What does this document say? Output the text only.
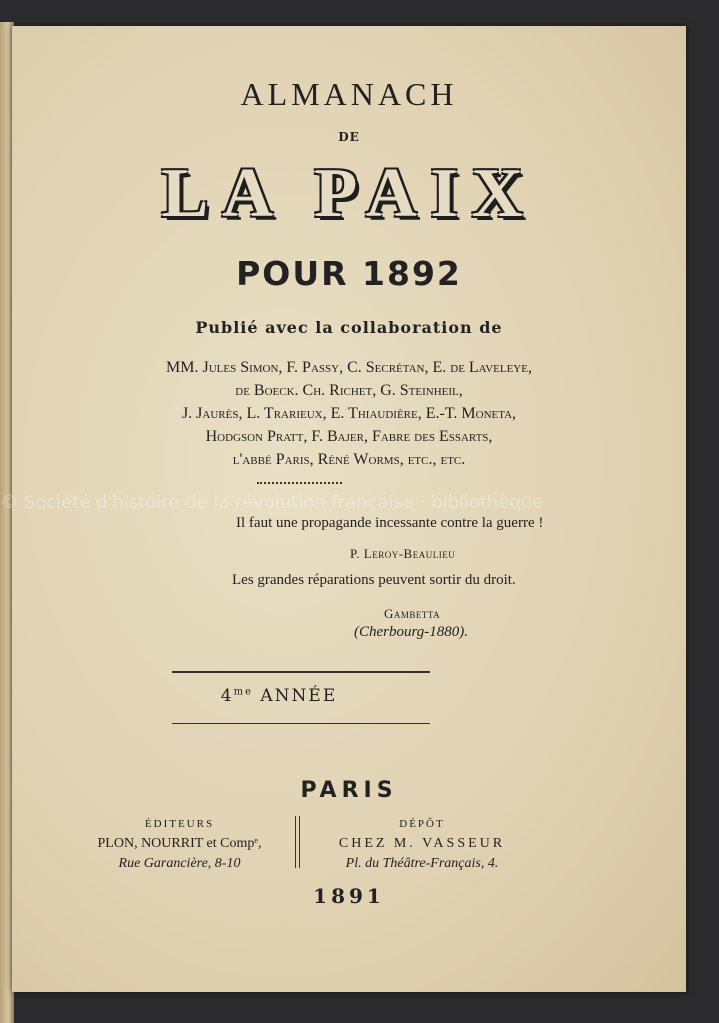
ALMANACH
DE
LA PAIX
POUR 1892
Publié avec la collaboration de
MM. Jules Simon, F. Passy, C. Secrétan, E. de Laveleye,
de Boeck. Ch. Richet, G. Steinheil,
J. Jaurès, L. Trarieux, E. Thiaudière, E.-T. Moneta,
Hodgson Pratt, F. Bajer, Fabre des Essarts,
l'abbé Paris, Réné Worms, etc., etc.
Il faut une propagande incessante contre la guerre !
P. Leroy-Beaulieu
Les grandes réparations peuvent sortir du droit.
Gambetta
(Cherbourg-1880).
$4^{me}$ ANNÉE
PARIS
ÉDITEURS
PLON, NOURRIT et Compᵉ,
Rue Garancière, 8-10
DÉPÔT
CHEZ M. VASSEUR
Pl. du Théâtre-Français, 4.
1891
© Société d'histoire de la révolution française · bibliothèque
